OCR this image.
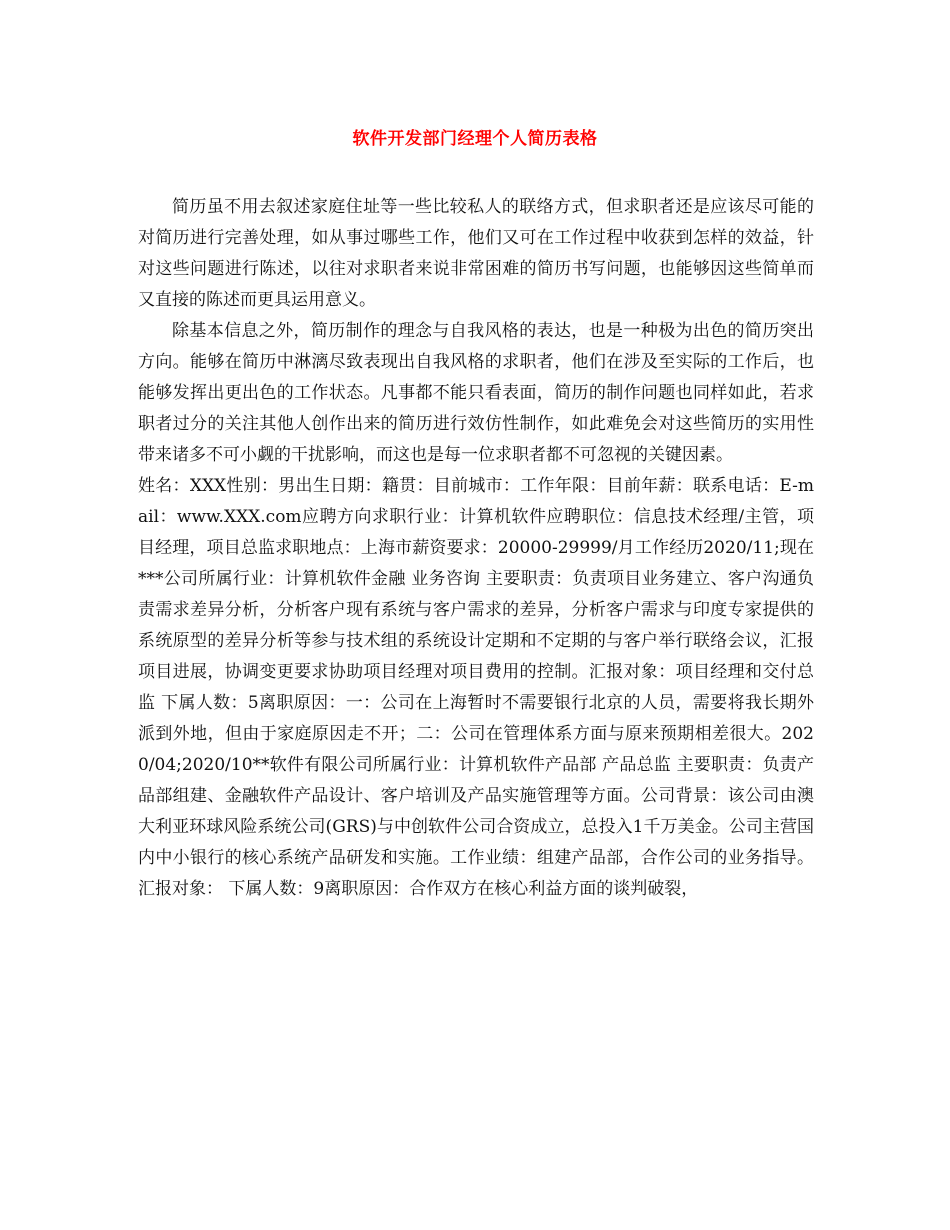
软件开发部门经理个人简历表格

简历虽不用去叙述家庭住址等一些比较私人的联络方式，但求职者还是应该尽可能的对简历进行完善处理，如从事过哪些工作，他们又可在工作过程中收获到怎样的效益，针对这些问题进行陈述，以往对求职者来说非常困难的简历书写问题，也能够因这些简单而又直接的陈述而更具运用意义。

除基本信息之外，简历制作的理念与自我风格的表达，也是一种极为出色的简历突出方向。能够在简历中淋漓尽致表现出自我风格的求职者，他们在涉及至实际的工作后，也能够发挥出更出色的工作状态。凡事都不能只看表面，简历的制作问题也同样如此，若求职者过分的关注其他人创作出来的简历进行效仿性制作，如此难免会对这些简历的实用性带来诸多不可小觑的干扰影响，而这也是每一位求职者都不可忽视的关键因素。

姓名：XXX性别：男出生日期：籍贯：目前城市：工作年限：目前年薪：联系电话：E-mail：www.XXX.com应聘方向求职行业：计算机软件应聘职位：信息技术经理/主管，项目经理，项目总监求职地点：上海市薪资要求：20000-29999/月工作经历2020/11;现在***公司所属行业：计算机软件金融 业务咨询 主要职责：负责项目业务建立、客户沟通负责需求差异分析，分析客户现有系统与客户需求的差异，分析客户需求与印度专家提供的系统原型的差异分析等参与技术组的系统设计定期和不定期的与客户举行联络会议，汇报项目进展，协调变更要求协助项目经理对项目费用的控制。汇报对象：项目经理和交付总监 下属人数：5离职原因：一：公司在上海暂时不需要银行北京的人员，需要将我长期外派到外地，但由于家庭原因走不开；二：公司在管理体系方面与原来预期相差很大。2020/04;2020/10**软件有限公司所属行业：计算机软件产品部 产品总监 主要职责：负责产品部组建、金融软件产品设计、客户培训及产品实施管理等方面。公司背景：该公司由澳大利亚环球风险系统公司(GRS)与中创软件公司合资成立，总投入1千万美金。公司主营国内中小银行的核心系统产品研发和实施。工作业绩：组建产品部，合作公司的业务指导。汇报对象： 下属人数：9离职原因：合作双方在核心利益方面的谈判破裂，
